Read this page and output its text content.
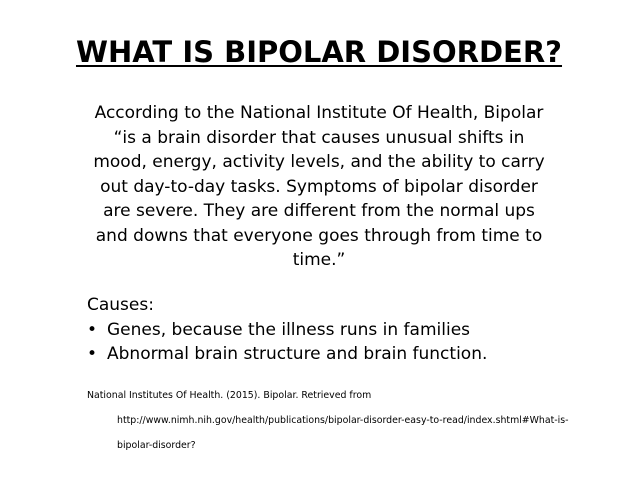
WHAT IS BIPOLAR DISORDER?
According to the National Institute Of Health, Bipolar
“is a brain disorder that causes unusual shifts in
mood, energy, activity levels, and the ability to carry
out day-to-day tasks. Symptoms of bipolar disorder
are severe. They are different from the normal ups
and downs that everyone goes through from time to
time.”
Causes:
• Genes, because the illness runs in families
• Abnormal brain structure and brain function.
National Institutes Of Health. (2015). Bipolar. Retrieved from
http://www.nimh.nih.gov/health/publications/bipolar-disorder-easy-to-read/index.shtml#What-is-
bipolar-disorder?
